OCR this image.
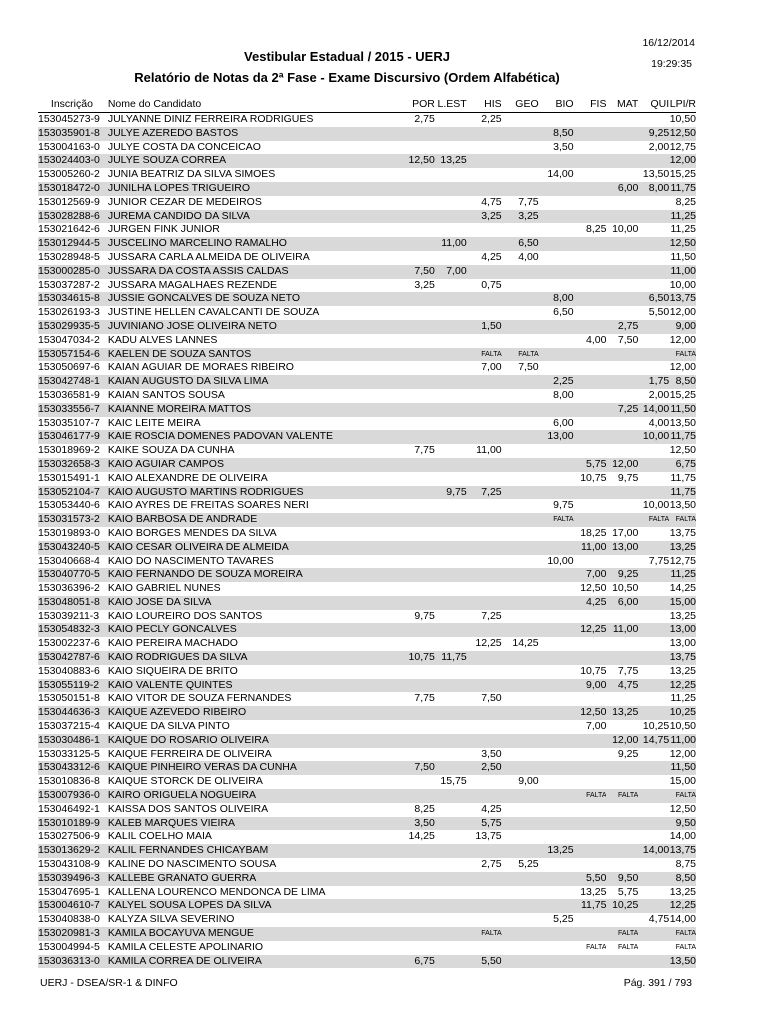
16/12/2014
Vestibular Estadual / 2015 - UERJ	19:29:35
Relatório de Notas da 2ª Fase - Exame Discursivo (Ordem Alfabética)
Inscrição	Nome do Candidato	POR	L.EST	HIS	GEO	BIO	FIS	MAT	QUI	LPI/R
153045273-9	JULYANNE DINIZ FERREIRA RODRIGUES	2,75		2,25						10,50
153035901-8	JULYE AZEREDO BASTOS					8,50			9,25	12,50
153004163-0	JULYE COSTA DA CONCEICAO					3,50			2,00	12,75
153024403-0	JULYE SOUZA CORREA	12,50	13,25							12,00
153005260-2	JUNIA BEATRIZ DA SILVA SIMOES					14,00			13,50	15,25
153018472-0	JUNILHA LOPES TRIGUEIRO							6,00	8,00	11,75
153012569-9	JUNIOR CEZAR DE MEDEIROS			4,75	7,75					8,25
153028288-6	JUREMA CANDIDO DA SILVA			3,25	3,25					11,25
153021642-6	JURGEN FINK JUNIOR						8,25	10,00		11,25
153012944-5	JUSCELINO MARCELINO RAMALHO		11,00		6,50					12,50
153028948-5	JUSSARA CARLA ALMEIDA DE OLIVEIRA			4,25	4,00					11,50
153000285-0	JUSSARA DA COSTA ASSIS CALDAS	7,50	7,00							11,00
153037287-2	JUSSARA MAGALHAES REZENDE	3,25		0,75						10,00
153034615-8	JUSSIE GONCALVES DE SOUZA NETO					8,00			6,50	13,75
153026193-3	JUSTINE HELLEN CAVALCANTI DE SOUZA					6,50			5,50	12,00
153029935-5	JUVINIANO JOSE OLIVEIRA NETO			1,50				2,75		9,00
153047034-2	KADU ALVES LANNES						4,00	7,50		12,00
153057154-6	KAELEN DE SOUZA SANTOS			FALTA	FALTA					FALTA
153050697-6	KAIAN AGUIAR DE MORAES RIBEIRO			7,00	7,50					12,00
153042748-1	KAIAN AUGUSTO DA SILVA LIMA					2,25			1,75	8,50
153036581-9	KAIAN SANTOS SOUSA					8,00			2,00	15,25
153033556-7	KAIANNE MOREIRA MATTOS							7,25	14,00	11,50
153035107-7	KAIC LEITE MEIRA					6,00			4,00	13,50
153046177-9	KAIE ROSCIA DOMENES PADOVAN VALENTE					13,00			10,00	11,75
153018969-2	KAIKE SOUZA DA CUNHA	7,75		11,00						12,50
153032658-3	KAIO AGUIAR CAMPOS						5,75	12,00		6,75
153015491-1	KAIO ALEXANDRE DE OLIVEIRA						10,75	9,75		11,75
153052104-7	KAIO AUGUSTO MARTINS RODRIGUES		9,75	7,25						11,75
153053440-6	KAIO AYRES DE FREITAS SOARES NERI					9,75			10,00	13,50
153031573-2	KAIO BARBOSA DE ANDRADE					FALTA			FALTA	FALTA
153019893-0	KAIO BORGES MENDES DA SILVA						18,25	17,00		13,75
153043240-5	KAIO CESAR OLIVEIRA DE ALMEIDA						11,00	13,00		13,25
153040668-4	KAIO DO NASCIMENTO TAVARES					10,00			7,75	12,75
153040770-5	KAIO FERNANDO DE SOUZA MOREIRA						7,00	9,25		11,25
153036396-2	KAIO GABRIEL NUNES						12,50	10,50		14,25
153048051-8	KAIO JOSE DA SILVA						4,25	6,00		15,00
153039211-3	KAIO LOUREIRO DOS SANTOS	9,75		7,25						13,25
153054832-3	KAIO PECLY GONCALVES						12,25	11,00		13,00
153002237-6	KAIO PEREIRA MACHADO			12,25	14,25					13,00
153042787-6	KAIO RODRIGUES DA SILVA	10,75	11,75							13,75
153040883-6	KAIO SIQUEIRA DE BRITO						10,75	7,75		13,25
153055119-2	KAIO VALENTE QUINTES						9,00	4,75		12,25
153050151-8	KAIO VITOR DE SOUZA FERNANDES	7,75		7,50						11,25
153044636-3	KAIQUE AZEVEDO RIBEIRO						12,50	13,25		10,25
153037215-4	KAIQUE DA SILVA PINTO						7,00		10,25	10,50
153030486-1	KAIQUE DO ROSARIO OLIVEIRA							12,00	14,75	11,00
153033125-5	KAIQUE FERREIRA DE OLIVEIRA			3,50				9,25		12,00
153043312-6	KAIQUE PINHEIRO VERAS DA CUNHA	7,50		2,50						11,50
153010836-8	KAIQUE STORCK DE OLIVEIRA		15,75		9,00					15,00
153007936-0	KAIRO ORIGUELA NOGUEIRA						FALTA	FALTA		FALTA
153046492-1	KAISSA DOS SANTOS OLIVEIRA	8,25		4,25						12,50
153010189-9	KALEB MARQUES VIEIRA	3,50		5,75						9,50
153027506-9	KALIL COELHO MAIA	14,25		13,75						14,00
153013629-2	KALIL FERNANDES CHICAYBAM					13,25			14,00	13,75
153043108-9	KALINE DO NASCIMENTO SOUSA			2,75	5,25					8,75
153039496-3	KALLEBE GRANATO GUERRA						5,50	9,50		8,50
153047695-1	KALLENA LOURENCO MENDONCA DE LIMA						13,25	5,75		13,25
153004610-7	KALYEL SOUSA LOPES DA SILVA						11,75	10,25		12,25
153040838-0	KALYZA SILVA SEVERINO					5,25			4,75	14,00
153020981-3	KAMILA BOCAYUVA MENGUE			FALTA				FALTA		FALTA
153004994-5	KAMILA CELESTE APOLINARIO						FALTA	FALTA		FALTA
153036313-0	KAMILA CORREA DE OLIVEIRA	6,75		5,50						13,50
UERJ - DSEA/SR-1 & DINFO	Pág. 391 / 793
